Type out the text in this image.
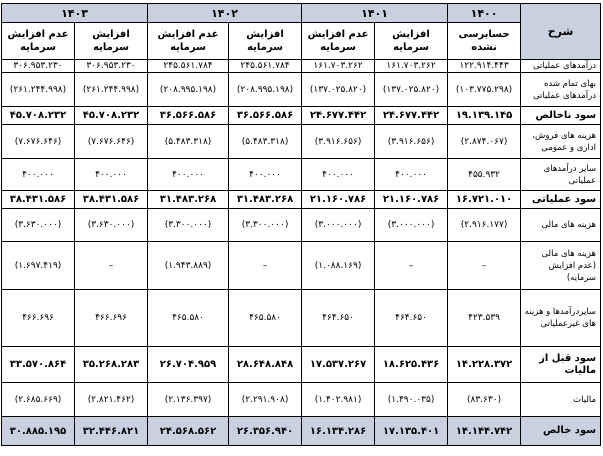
شرح	۱۴۰۰	۱۴۰۱		۱۴۰۲		۱۴۰۳	
	حسابرسی نشده	افزایش سرمایه	عدم افزایش سرمایه	افزایش سرمایه	عدم افزایش سرمایه	افزایش سرمایه	عدم افزایش سرمایه
درآمدهای عملیاتی	۱۲۲.۹۱۴.۴۴۳	۱۶۱.۷۰۳.۲۶۲	۱۶۱.۷۰۳.۲۶۲	۲۴۵.۵۶۱.۷۸۴	۲۴۵.۵۶۱.۷۸۴	۳۰۶.۹۵۳.۲۳۰	۳۰۶.۹۵۳.۲۳۰
بهای تمام شده درآمدهای عملیاتی	(۱۰۳.۷۷۵.۲۹۸)	(۱۳۷.۰۲۵.۸۲۰)	(۱۳۷.۰۲۵.۸۲۰)	(۲۰۸.۹۹۵.۱۹۸)	(۲۰۸.۹۹۵.۱۹۸)	(۲۶۱.۲۴۴.۹۹۸)	(۲۶۱.۲۴۴.۹۹۸)
سود ناخالص	۱۹.۱۳۹.۱۴۵	۲۴.۶۷۷.۴۴۲	۲۴.۶۷۷.۴۴۲	۳۶.۵۶۶.۵۸۶	۳۶.۵۶۶.۵۸۶	۴۵.۷۰۸.۲۳۲	۴۵.۷۰۸.۲۳۲
هزینه های فروش، اداری و عمومی	(۲.۸۷۴.۰۶۷)	(۳.۹۱۶.۶۵۶)	(۳.۹۱۶.۶۵۶)	(۵.۴۸۳.۳۱۸)	(۵.۴۸۳.۳۱۸)	(۷.۶۷۶.۶۴۶)	(۷.۶۷۶.۶۴۶)
سایر درآمدهای عملیاتی	۴۵۵.۹۳۲	۴۰۰.۰۰۰	۴۰۰.۰۰۰	۴۰۰.۰۰۰	۴۰۰.۰۰۰	۴۰۰.۰۰۰	۴۰۰.۰۰۰
سود عملیاتی	۱۶.۷۲۱.۰۱۰	۲۱.۱۶۰.۷۸۶	۲۱.۱۶۰.۷۸۶	۳۱.۴۸۳.۲۶۸	۳۱.۴۸۳.۲۶۸	۳۸.۴۳۱.۵۸۶	۳۸.۴۳۱.۵۸۶
هزینه های مالی	(۲.۹۱۶.۱۷۷)	(۳.۰۰۰.۰۰۰)	(۳.۰۰۰.۰۰۰)	(۳.۳۰۰.۰۰۰)	(۳.۳۰۰.۰۰۰)	(۳.۶۳۰.۰۰۰)	(۳.۶۳۰.۰۰۰)
هزینه های مالی (عدم افزایش سرمایه)	–	–	(۱.۰۸۸.۱۶۹)	–	(۱.۹۴۳.۸۸۹)	–	(۱.۶۹۷.۴۱۹)
سایردرآمدها و هزینه های غیرعملیاتی	۴۲۳.۵۳۹	۴۶۴.۶۵۰	۴۶۴.۶۵۰	۴۶۵.۵۸۰	۴۶۵.۵۸۰	۴۶۶.۶۹۶	۴۶۶.۶۹۶
سود قبل از مالیات	۱۴.۲۲۸.۳۷۲	۱۸.۶۲۵.۴۳۶	۱۷.۵۳۷.۲۶۷	۲۸.۶۴۸.۸۴۸	۲۶.۷۰۴.۹۵۹	۳۵.۲۶۸.۲۸۳	۳۳.۵۷۰.۸۶۴
مالیات	(۸۳.۶۳۰)	(۱.۴۹۰.۰۳۵)	(۱.۴۰۲.۹۸۱)	(۲.۲۹۱.۹۰۸)	(۲.۱۳۶.۳۹۷)	(۲.۸۲۱.۴۶۲)	(۲.۶۸۵.۶۶۹)
سود خالص	۱۴.۱۴۴.۷۴۲	۱۷.۱۳۵.۴۰۱	۱۶.۱۳۴.۲۸۶	۲۶.۳۵۶.۹۴۰	۲۴.۵۶۸.۵۶۲	۳۲.۴۴۶.۸۲۱	۳۰.۸۸۵.۱۹۵
